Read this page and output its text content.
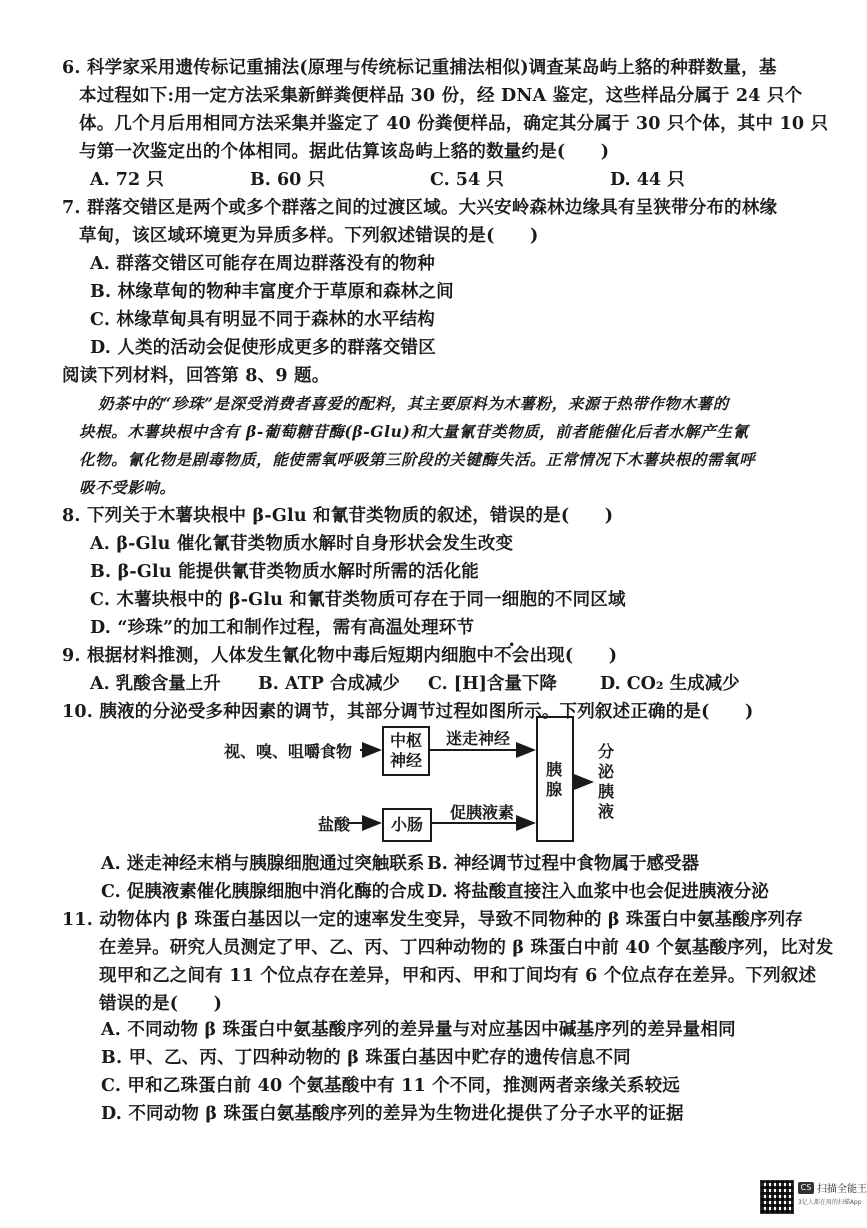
6. 科学家采用遗传标记重捕法(原理与传统标记重捕法相似)调查某岛屿上貉的种群数量，基
本过程如下:用一定方法采集新鲜粪便样品 30 份，经 DNA 鉴定，这些样品分属于 24 只个
体。几个月后用相同方法采集并鉴定了 40 份粪便样品，确定其分属于 30 只个体，其中 10 只
与第一次鉴定出的个体相同。据此估算该岛屿上貉的数量约是(　　)
A. 72 只	B. 60 只	C. 54 只	D. 44 只
7. 群落交错区是两个或多个群落之间的过渡区域。大兴安岭森林边缘具有呈狭带分布的林缘
草甸，该区域环境更为异质多样。下列叙述错误的是(　　)
A. 群落交错区可能存在周边群落没有的物种
B. 林缘草甸的物种丰富度介于草原和森林之间
C. 林缘草甸具有明显不同于森林的水平结构
D. 人类的活动会促使形成更多的群落交错区
阅读下列材料，回答第 8、9 题。
奶茶中的“珍珠”是深受消费者喜爱的配料，其主要原料为木薯粉，来源于热带作物木薯的
块根。木薯块根中含有 β-葡萄糖苷酶(β-Glu)和大量氰苷类物质，前者能催化后者水解产生氰
化物。氰化物是剧毒物质，能使需氧呼吸第三阶段的关键酶失活。正常情况下木薯块根的需氧呼
吸不受影响。
8. 下列关于木薯块根中 β-Glu 和氰苷类物质的叙述，错误的是(　　)
A. β-Glu 催化氰苷类物质水解时自身形状会发生改变
B. β-Glu 能提供氰苷类物质水解时所需的活化能
C. 木薯块根中的 β-Glu 和氰苷类物质可存在于同一细胞的不同区域
D. “珍珠”的加工和制作过程，需有高温处理环节
9. 根据材料推测，人体发生氰化物中毒后短期内细胞中不会出现(　　)
A. 乳酸含量上升 B. ATP 合成减少 C. [H]含量下降 D. CO₂ 生成减少
10. 胰液的分泌受多种因素的调节，其部分调节过程如图所示。下列叙述正确的是(　　)
视、嗅、咀嚼食物
中枢
神经
迷走神经
盐酸	小肠
促胰液素
胰
腺
分
泌
胰
液
A. 迷走神经末梢与胰腺细胞通过突触联系 B. 神经调节过程中食物属于感受器
C. 促胰液素催化胰腺细胞中消化酶的合成 D. 将盐酸直接注入血浆中也会促进胰液分泌
11. 动物体内 β 珠蛋白基因以一定的速率发生变异，导致不同物种的 β 珠蛋白中氨基酸序列存
在差异。研究人员测定了甲、乙、丙、丁四种动物的 β 珠蛋白中前 40 个氨基酸序列，比对发
现甲和乙之间有 11 个位点存在差异，甲和丙、甲和丁间均有 6 个位点存在差异。下列叙述
错误的是(　　)
A. 不同动物 β 珠蛋白中氨基酸序列的差异量与对应基因中碱基序列的差异量相同
B. 甲、乙、丙、丁四种动物的 β 珠蛋白基因中贮存的遗传信息不同
C. 甲和乙珠蛋白前 40 个氨基酸中有 11 个不同，推测两者亲缘关系较远
D. 不同动物 β 珠蛋白氨基酸序列的差异为生物进化提供了分子水平的证据
CS 扫描全能王
3亿人都在用的扫描App
